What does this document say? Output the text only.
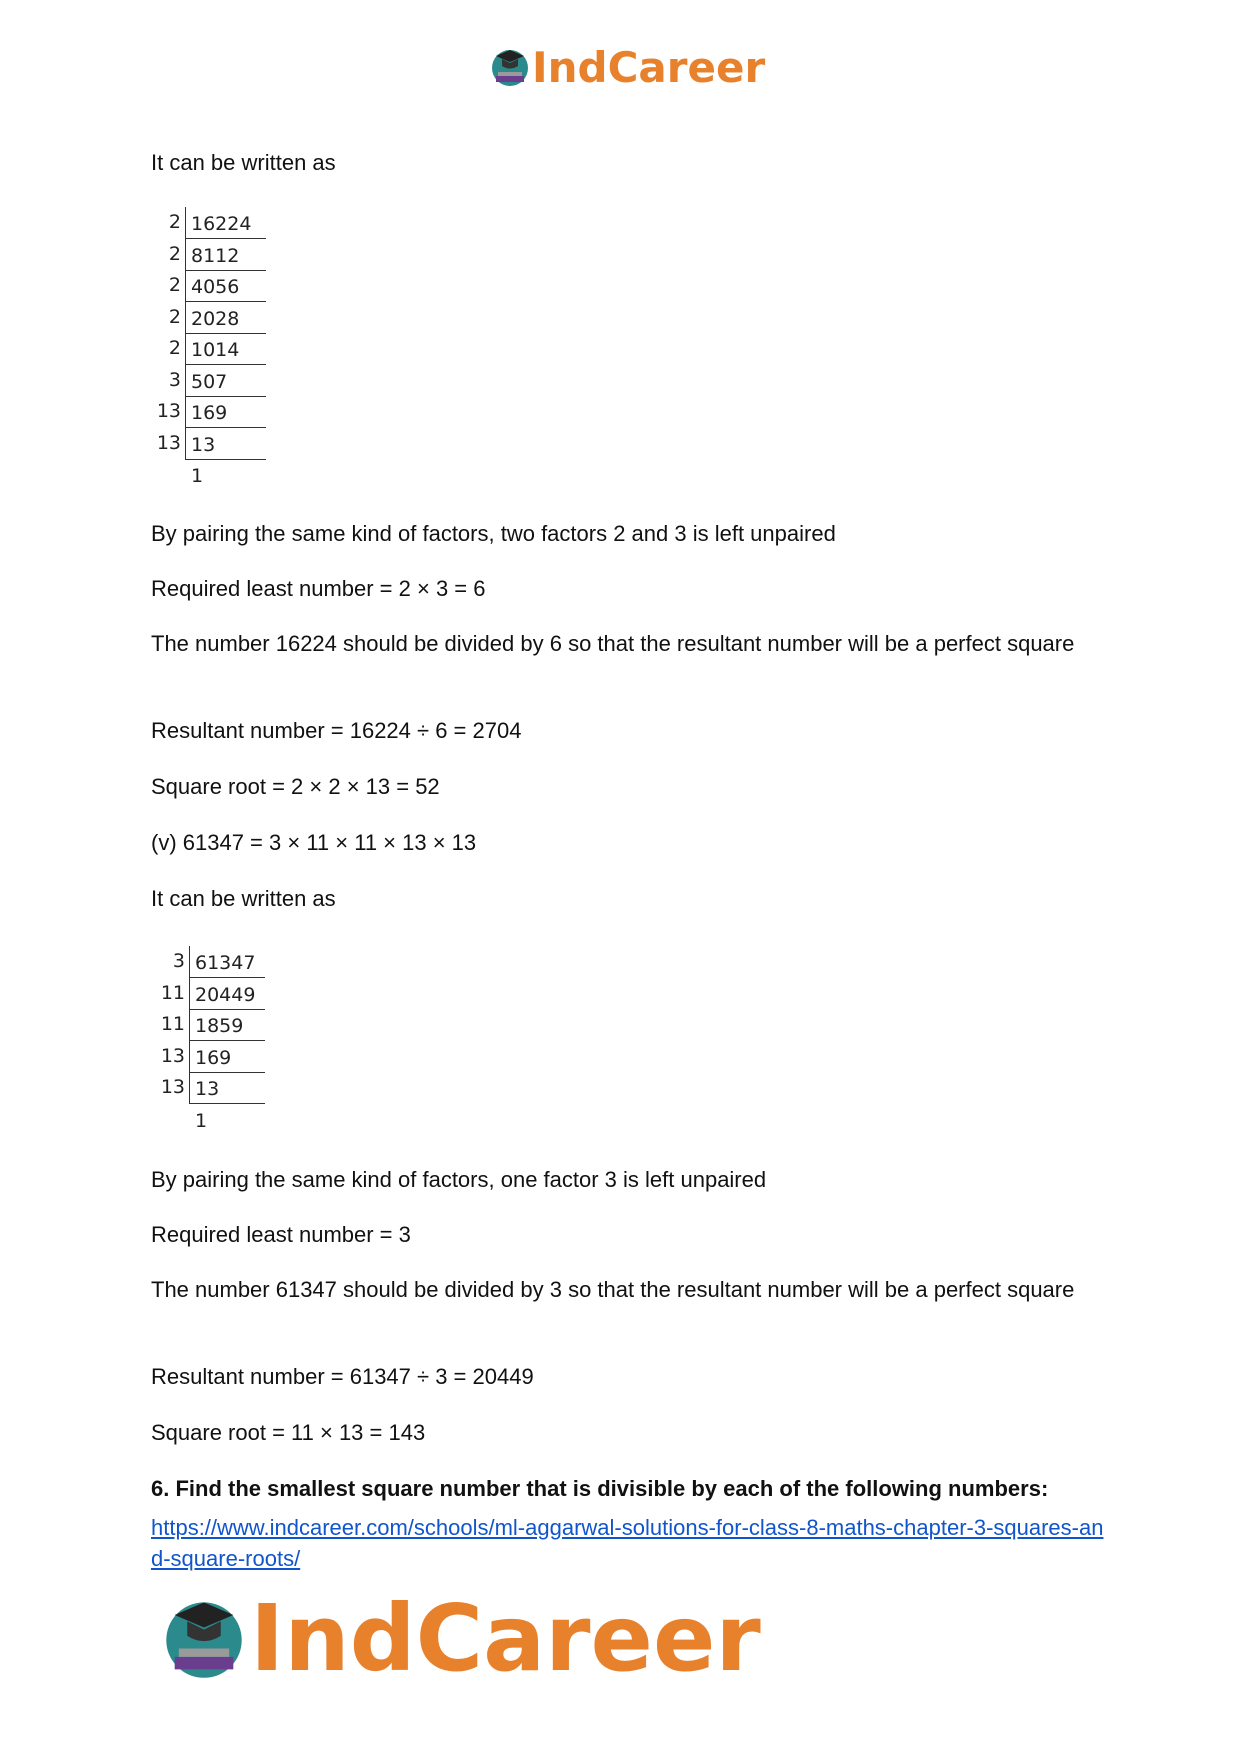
IndCareer

It can be written as

2 16224
2 8112
2 4056
2 2028
2 1014
3 507
13 169
13 13
1

By pairing the same kind of factors, two factors 2 and 3 is left unpaired

Required least number = 2 × 3 = 6

The number 16224 should be divided by 6 so that the resultant number will be a perfect square

Resultant number = 16224 ÷ 6 = 2704

Square root = 2 × 2 × 13 = 52

(v) 61347 = 3 × 11 × 11 × 13 × 13

It can be written as

3 61347
11 20449
11 1859
13 169
13 13
1

By pairing the same kind of factors, one factor 3 is left unpaired

Required least number = 3

The number 61347 should be divided by 3 so that the resultant number will be a perfect square

Resultant number = 61347 ÷ 3 = 20449

Square root = 11 × 13 = 143

6. Find the smallest square number that is divisible by each of the following numbers:

https://www.indcareer.com/schools/ml-aggarwal-solutions-for-class-8-maths-chapter-3-squares-and-square-roots/
IndCareer
